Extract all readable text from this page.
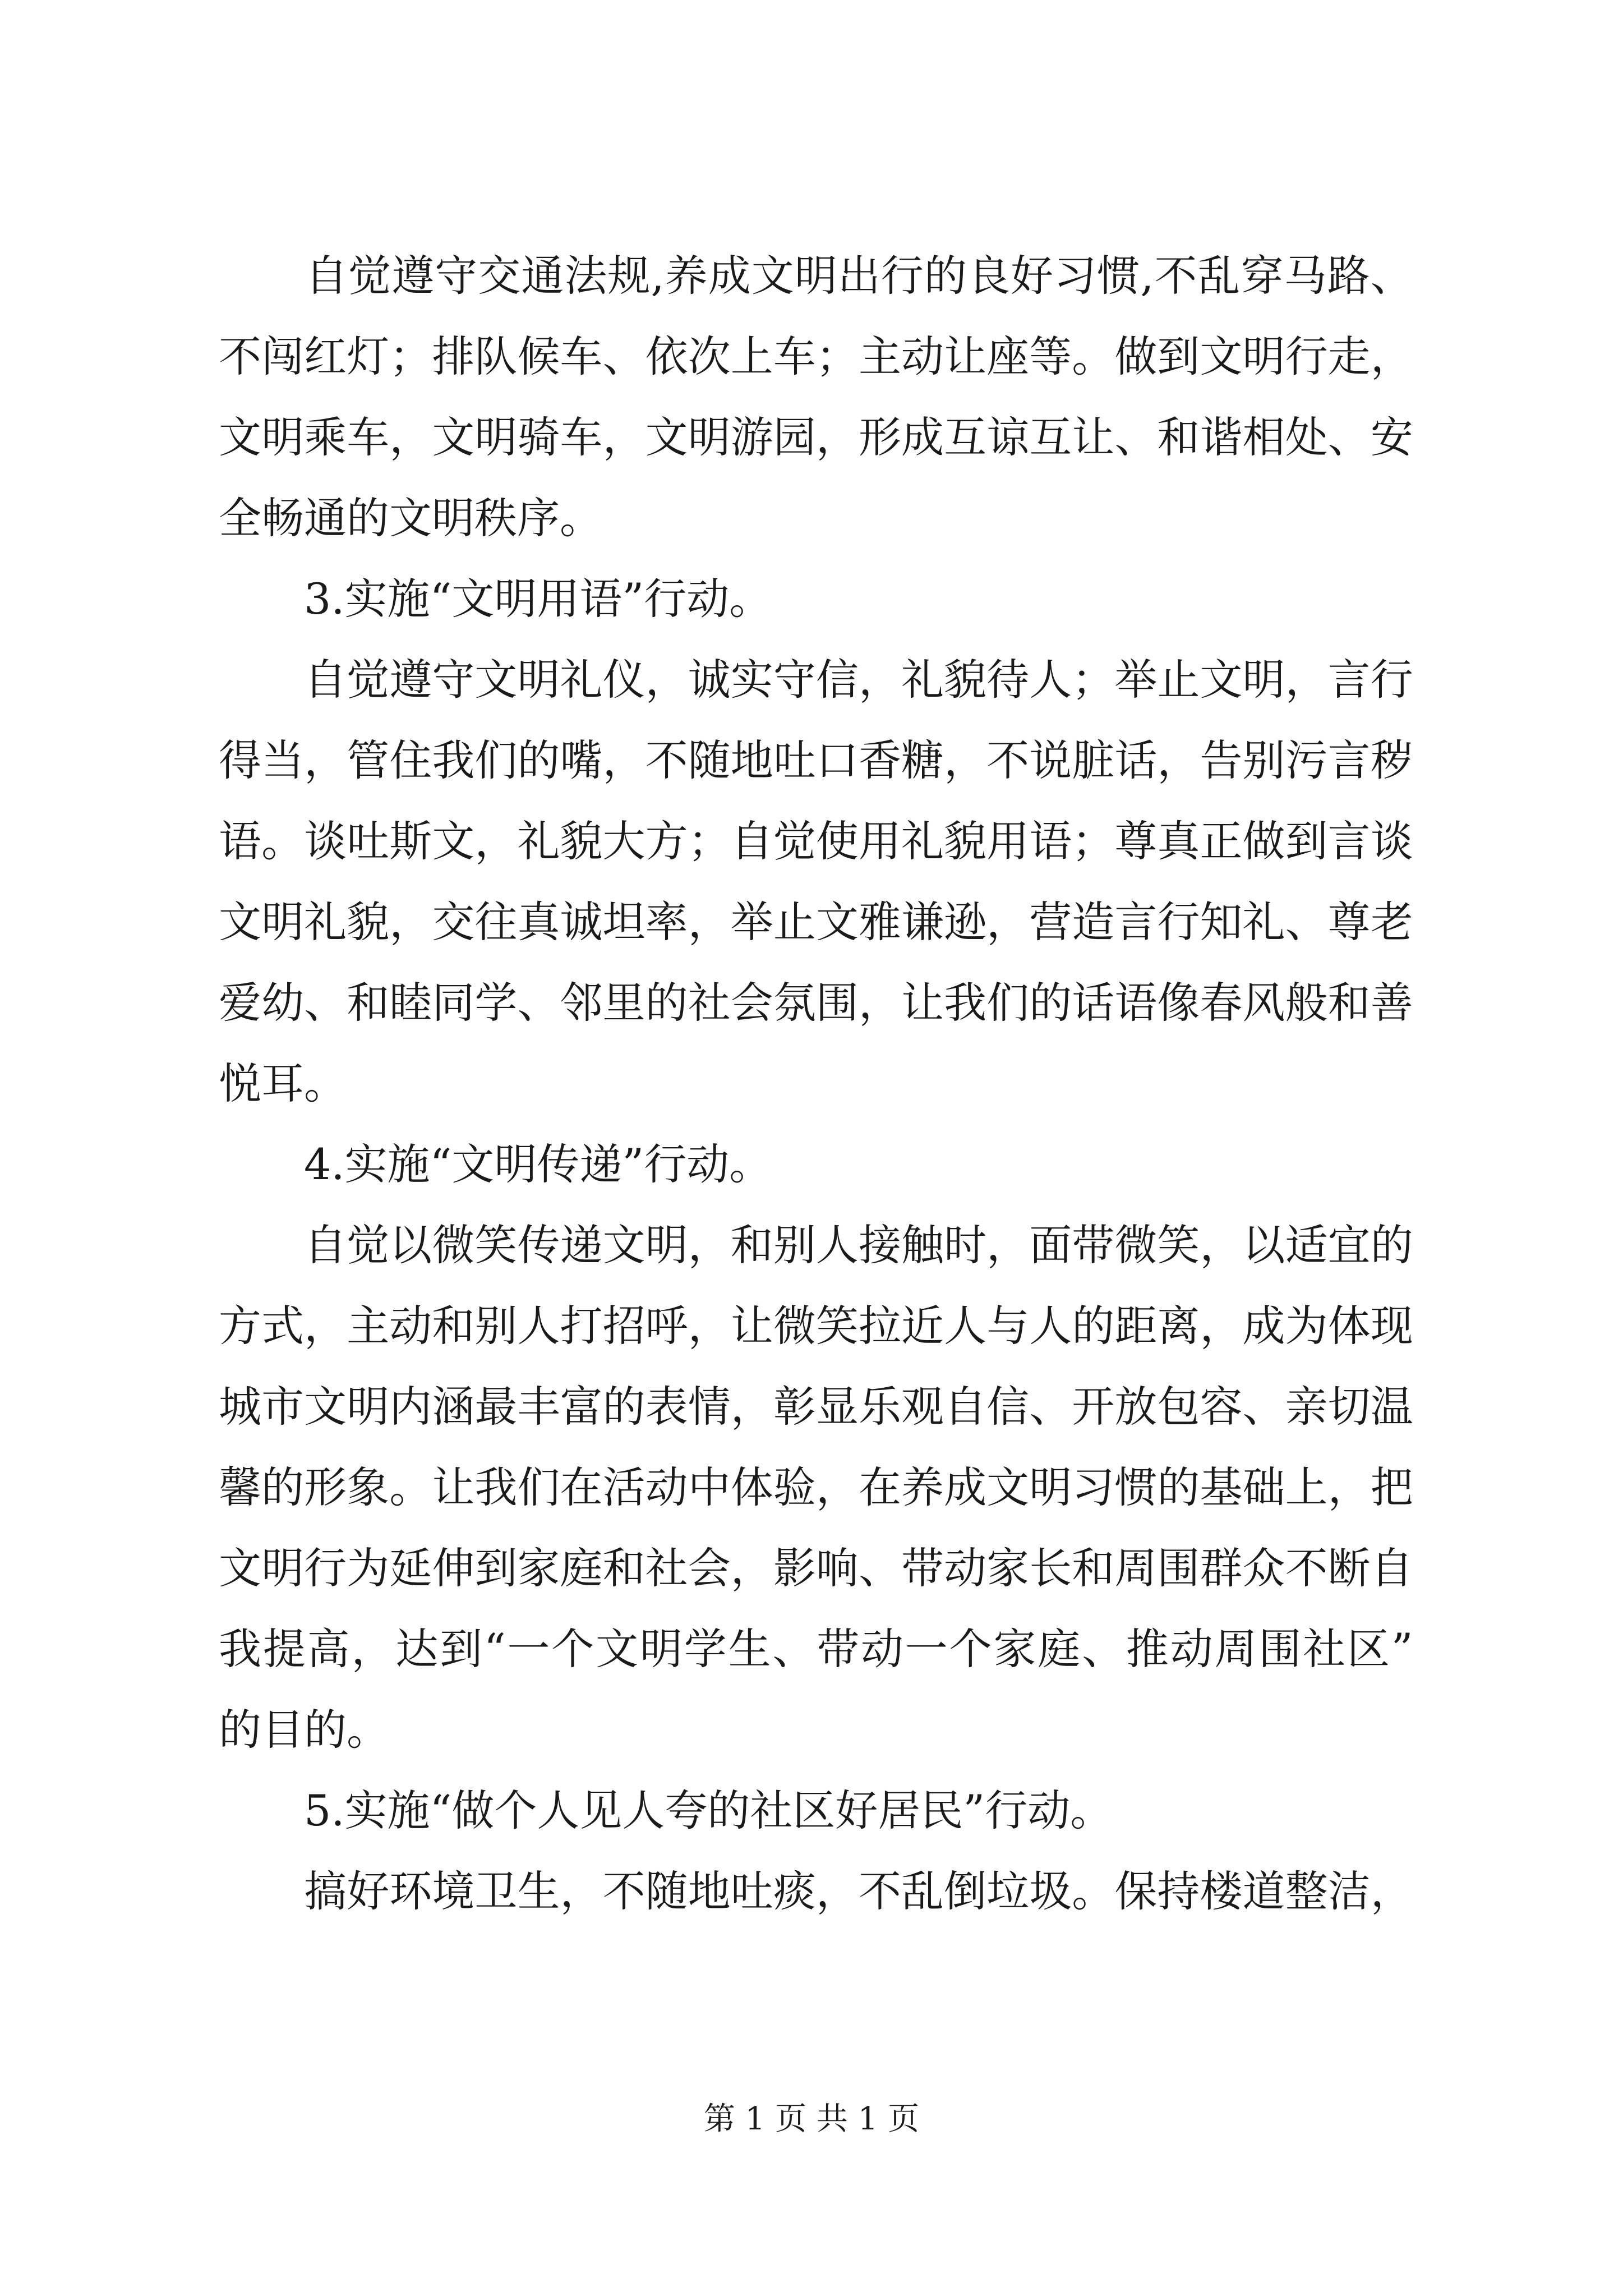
自 觉 遵 守 交 通 法 规 , 养 成 文 明 出 行 的 良 好 习 惯 , 不 乱 穿 马 路 、
不 闯 红 灯 ； 排 队 候 车 、 依 次 上 车 ； 主 动 让 座 等 。 做 到 文 明 行 走 ，
文 明 乘 车 ， 文 明 骑 车 ， 文 明 游 园 ， 形 成 互 谅 互 让 、 和 谐 相 处 、 安
全畅通的文明秩序。
　　3.实施“文明用语”行动。

自 觉 遵 守 文 明 礼 仪 ， 诚 实 守 信 ， 礼 貌 待 人 ； 举 止 文 明 ， 言 行
得 当 ， 管 住 我 们 的 嘴 ， 不 随 地 吐 口 香 糖 ， 不 说 脏 话 ， 告 别 污 言 秽
语 。 谈 吐 斯 文 ， 礼 貌 大 方 ； 自 觉 使 用 礼 貌 用 语 ； 尊 真 正 做 到 言 谈
文 明 礼 貌 ， 交 往 真 诚 坦 率 ， 举 止 文 雅 谦 逊 ， 营 造 言 行 知 礼 、 尊 老
爱 幼 、 和 睦 同 学 、 邻 里 的 社 会 氛 围 ， 让 我 们 的 话 语 像 春 风 般 和 善
悦耳。
　　4.实施“文明传递”行动。

自 觉 以 微 笑 传 递 文 明 ， 和 别 人 接 触 时 ， 面 带 微 笑 ， 以 适 宜 的
方 式 ， 主 动 和 别 人 打 招 呼 ， 让 微 笑 拉 近 人 与 人 的 距 离 ， 成 为 体 现
城 市 文 明 内 涵 最 丰 富 的 表 情 ， 彰 显 乐 观 自 信 、 开 放 包 容 、 亲 切 温
馨 的 形 象 。 让 我 们 在 活 动 中 体 验 ， 在 养 成 文 明 习 惯 的 基 础 上 ， 把
文 明 行 为 延 伸 到 家 庭 和 社 会 ， 影 响 、 带 动 家 长 和 周 围 群 众 不 断 自
我 提 高 ， 达 到 “ 一 个 文 明 学 生 、 带 动 一 个 家 庭 、 推 动 周 围 社 区 ”
的目的。
　　5.实施“做个人见人夸的社区好居民”行动。

搞 好 环 境 卫 生 ， 不 随 地 吐 痰 ， 不 乱 倒 垃 圾 。 保 持 楼 道 整 洁 ，
第 1 页 共 1 页
